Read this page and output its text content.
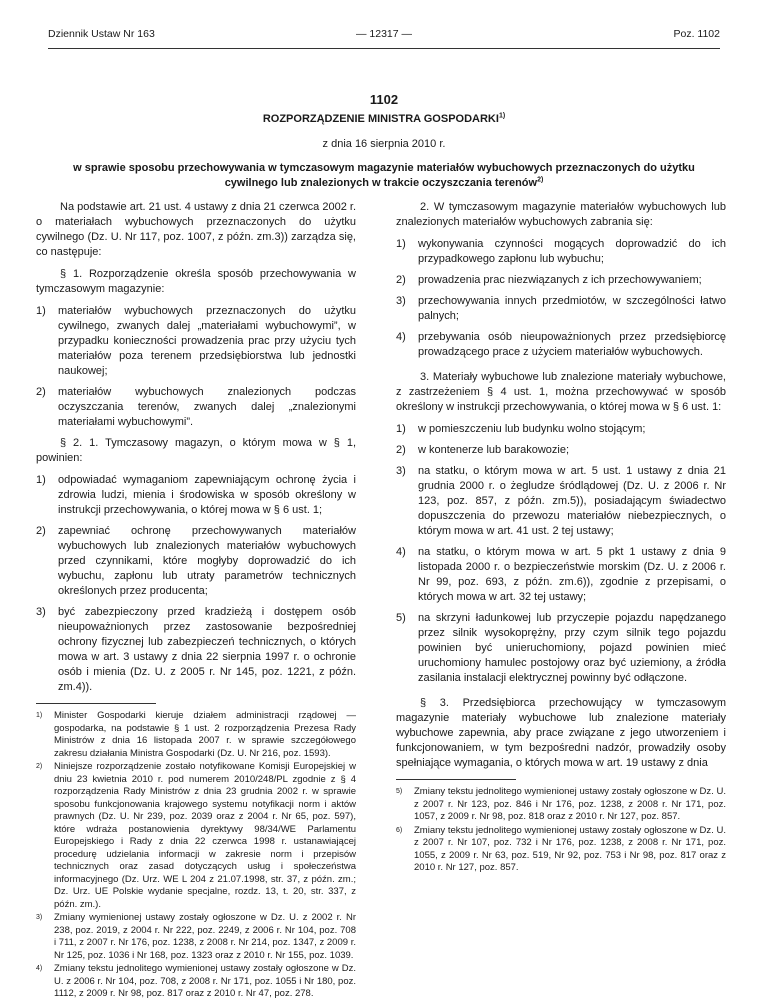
Dziennik Ustaw Nr 163	— 12317 —	Poz. 1102
1102
ROZPORZĄDZENIE MINISTRA GOSPODARKI$^{1)}$
z dnia 16 sierpnia 2010 r.
w sprawie sposobu przechowywania w tymczasowym magazynie materiałów wybuchowych przeznaczonych do użytku cywilnego lub znalezionych w trakcie oczyszczania terenów$^{2)}$

Na podstawie art. 21 ust. 4 ustawy z dnia 21 czerwca 2002 r. o materiałach wybuchowych przeznaczonych do użytku cywilnego (Dz. U. Nr 117, poz. 1007, z późn. zm.3)) zarządza się, co następuje:

§ 1. Rozporządzenie określa sposób przechowywania w tymczasowym magazynie:

1) materiałów wybuchowych przeznaczonych do użytku cywilnego, zwanych dalej „materiałami wybuchowymi”, w przypadku konieczności prowadzenia prac przy użyciu tych materiałów poza terenem przedsiębiorstwa lub jednostki naukowej;
2) materiałów wybuchowych znalezionych podczas oczyszczania terenów, zwanych dalej „znalezionymi materiałami wybuchowymi”.

§ 2. 1. Tymczasowy magazyn, o którym mowa w § 1, powinien:

1) odpowiadać wymaganiom zapewniającym ochronę życia i zdrowia ludzi, mienia i środowiska w sposób określony w instrukcji przechowywania, o której mowa w § 6 ust. 1;
2) zapewniać ochronę przechowywanych materiałów wybuchowych lub znalezionych materiałów wybuchowych przed czynnikami, które mogłyby doprowadzić do ich wybuchu, zapłonu lub utraty parametrów technicznych określonych przez producenta;
3) być zabezpieczony przed kradzieżą i dostępem osób nieupoważnionych przez zastosowanie bezpośredniej ochrony fizycznej lub zabezpieczeń technicznych, o których mowa w art. 3 ustawy z dnia 22 sierpnia 1997 r. o ochronie osób i mienia (Dz. U. z 2005 r. Nr 145, poz. 1221, z późn. zm.4)).
1) Minister Gospodarki kieruje działem administracji rządowej — gospodarka, na podstawie § 1 ust. 2 rozporządzenia Prezesa Rady Ministrów z dnia 16 listopada 2007 r. w sprawie szczegółowego zakresu działania Ministra Gospodarki (Dz. U. Nr 216, poz. 1593).
2) Niniejsze rozporządzenie zostało notyfikowane Komisji Europejskiej w dniu 23 kwietnia 2010 r. pod numerem 2010/248/PL zgodnie z § 4 rozporządzenia Rady Ministrów z dnia 23 grudnia 2002 r. w sprawie sposobu funkcjonowania krajowego systemu notyfikacji norm i aktów prawnych (Dz. U. Nr 239, poz. 2039 oraz z 2004 r. Nr 65, poz. 597), które wdraża postanowienia dyrektywy 98/34/WE Parlamentu Europejskiego i Rady z dnia 22 czerwca 1998 r. ustanawiającej procedurę udzielania informacji w zakresie norm i przepisów technicznych oraz zasad dotyczących usług i społeczeństwa informacyjnego (Dz. Urz. WE L 204 z 21.07.1998, str. 37, z późn. zm.; Dz. Urz. UE Polskie wydanie specjalne, rozdz. 13, t. 20, str. 337, z późn. zm.).
3) Zmiany wymienionej ustawy zostały ogłoszone w Dz. U. z 2002 r. Nr 238, poz. 2019, z 2004 r. Nr 222, poz. 2249, z 2006 r. Nr 104, poz. 708 i 711, z 2007 r. Nr 176, poz. 1238, z 2008 r. Nr 214, poz. 1347, z 2009 r. Nr 125, poz. 1036 i Nr 168, poz. 1323 oraz z 2010 r. Nr 155, poz. 1039.
4) Zmiany tekstu jednolitego wymienionej ustawy zostały ogłoszone w Dz. U. z 2006 r. Nr 104, poz. 708, z 2008 r. Nr 171, poz. 1055 i Nr 180, poz. 1112, z 2009 r. Nr 98, poz. 817 oraz z 2010 r. Nr 47, poz. 278.

2. W tymczasowym magazynie materiałów wybuchowych lub znalezionych materiałów wybuchowych zabrania się:

1) wykonywania czynności mogących doprowadzić do ich przypadkowego zapłonu lub wybuchu;
2) prowadzenia prac niezwiązanych z ich przechowywaniem;
3) przechowywania innych przedmiotów, w szczególności łatwo palnych;
4) przebywania osób nieupoważnionych przez przedsiębiorcę prowadzącego prace z użyciem materiałów wybuchowych.

3. Materiały wybuchowe lub znalezione materiały wybuchowe, z zastrzeżeniem § 4 ust. 1, można przechowywać w sposób określony w instrukcji przechowywania, o której mowa w § 6 ust. 1:

1) w pomieszczeniu lub budynku wolno stojącym;
2) w kontenerze lub barakowozie;
3) na statku, o którym mowa w art. 5 ust. 1 ustawy z dnia 21 grudnia 2000 r. o żegludze śródlądowej (Dz. U. z 2006 r. Nr 123, poz. 857, z późn. zm.5)), posiadającym świadectwo dopuszczenia do przewozu materiałów niebezpiecznych, o którym mowa w art. 41 ust. 2 tej ustawy;
4) na statku, o którym mowa w art. 5 pkt 1 ustawy z dnia 9 listopada 2000 r. o bezpieczeństwie morskim (Dz. U. z 2006 r. Nr 99, poz. 693, z późn. zm.6)), zgodnie z przepisami, o których mowa w art. 32 tej ustawy;
5) na skrzyni ładunkowej lub przyczepie pojazdu napędzanego przez silnik wysokoprężny, przy czym silnik tego pojazdu powinien być unieruchomiony, pojazd powinien mieć uruchomiony hamulec postojowy oraz być uziemiony, a źródła zasilania instalacji elektrycznej powinny być odłączone.

§ 3. Przedsiębiorca przechowujący w tymczasowym magazynie materiały wybuchowe lub znalezione materiały wybuchowe zapewnia, aby prace związane z jego utworzeniem i funkcjonowaniem, w tym bezpośredni nadzór, prowadziły osoby spełniające wymagania, o których mowa w art. 19 ustawy z dnia

5) Zmiany tekstu jednolitego wymienionej ustawy zostały ogłoszone w Dz. U. z 2007 r. Nr 123, poz. 846 i Nr 176, poz. 1238, z 2008 r. Nr 171, poz. 1057, z 2009 r. Nr 98, poz. 818 oraz z 2010 r. Nr 127, poz. 857.
6) Zmiany tekstu jednolitego wymienionej ustawy zostały ogłoszone w Dz. U. z 2007 r. Nr 107, poz. 732 i Nr 176, poz. 1238, z 2008 r. Nr 171, poz. 1055, z 2009 r. Nr 63, poz. 519, Nr 92, poz. 753 i Nr 98, poz. 817 oraz z 2010 r. Nr 127, poz. 857.
